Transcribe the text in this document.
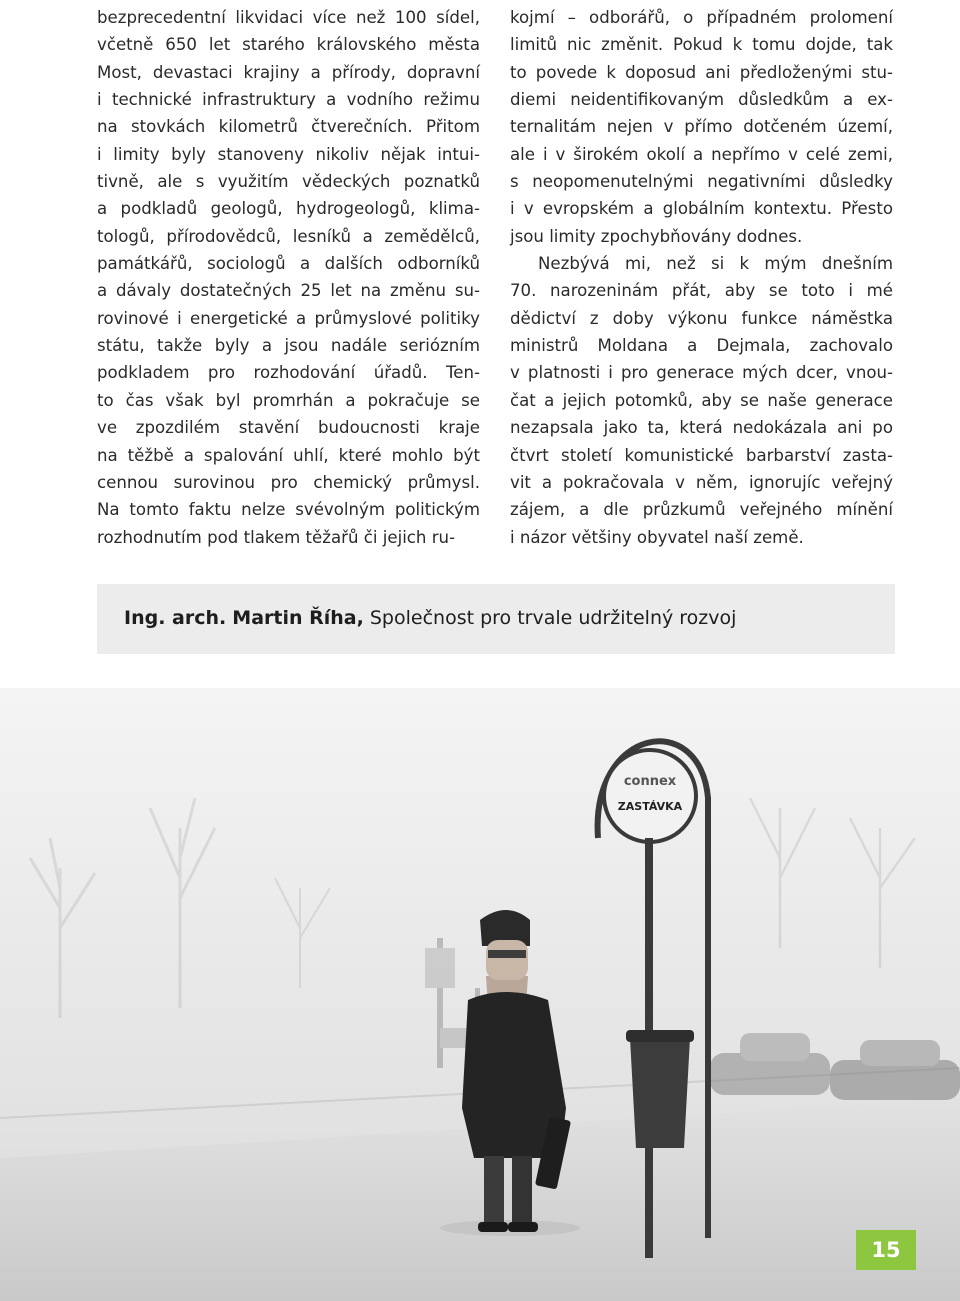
bezprecedentní likvidaci více než 100 sídel,
včetně 650 let starého královského města
Most, devastaci krajiny a přírody, dopravní
i technické infrastruktury a vodního režimu
na stovkách kilometrů čtverečních. Přitom
i limity byly stanoveny nikoliv nějak intui-
tivně, ale s využitím vědeckých poznatků
a podkladů geologů, hydrogeologů, klima-
tologů, přírodovědců, lesníků a zemědělců,
památkářů, sociologů a dalších odborníků
a dávaly dostatečných 25 let na změnu su-
rovinové i energetické a průmyslové politiky
státu, takže byly a jsou nadále seriózním
podkladem pro rozhodování úřadů. Ten-
to čas však byl promrhán a pokračuje se
ve zpozdilém stavění budoucnosti kraje
na těžbě a spalování uhlí, které mohlo být
cennou surovinou pro chemický průmysl.
Na tomto faktu nelze svévolným politickým
rozhodnutím pod tlakem těžařů či jejich ru-

kojmí – odborářů, o případném prolomení
limitů nic změnit. Pokud k tomu dojde, tak
to povede k doposud ani předloženými stu-
diemi neidentifikovaným důsledkům a ex-
ternalitám nejen v přímo dotčeném území,
ale i v širokém okolí a nepřímo v celé zemi,
s neopomenutelnými negativními důsledky
i v evropském a globálním kontextu. Přesto
jsou limity zpochybňovány dodnes.

Nezbývá mi, než si k mým dnešním
70. narozeninám přát, aby se toto i mé
dědictví z doby výkonu funkce náměstka
ministrů Moldana a Dejmala, zachovalo
v platnosti i pro generace mých dcer, vnou-
čat a jejich potomků, aby se naše generace
nezapsala jako ta, která nedokázala ani po
čtvrt století komunistické barbarství zasta-
vit a pokračovala v něm, ignorujíc veřejný
zájem, a dle průzkumů veřejného mínění
i názor většiny obyvatel naší země.

Ing. arch. Martin Říha, Společnost pro trvale udržitelný rozvoj
connex
ZASTÁVKA
15
